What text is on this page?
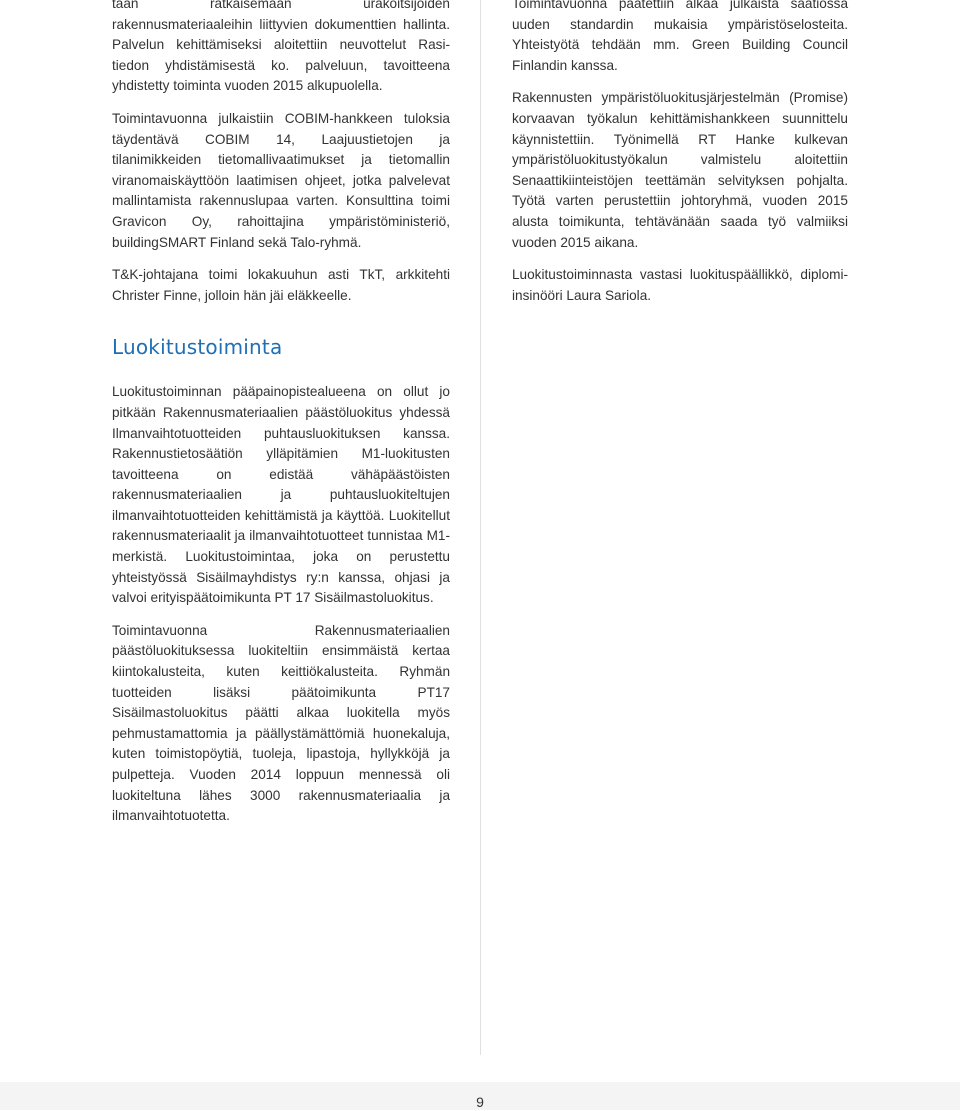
tään ratkaisemaan urakoitsijoiden rakennusmateriaaleihin liittyvien dokumenttien hallinta. Palvelun kehittämiseksi aloitettiin neuvottelut Rasi-tiedon yhdistämisestä ko. palveluun, tavoitteena yhdistetty toiminta vuoden 2015 alkupuolella.

Toimintavuonna julkaistiin COBIM-hankkeen tuloksia täydentävä COBIM 14, Laajuustietojen ja tilanimikkeiden tietomallivaatimukset ja tietomallin viranomaiskäyttöön laatimisen ohjeet, jotka palvelevat mallintamista rakennuslupaa varten. Konsulttina toimi Gravicon Oy, rahoittajina ympäristöministeriö, buildingSMART Finland sekä Talo-ryhmä.

T&K-johtajana toimi lokakuuhun asti TkT, arkkitehti Christer Finne, jolloin hän jäi eläkkeelle.

Luokitustoiminta

Luokitustoiminnan pääpainopistealueena on ollut jo pitkään Rakennusmateriaalien päästöluokitus yhdessä Ilmanvaihtotuotteiden puhtausluokituksen kanssa. Rakennustietosäätiön ylläpitämien M1-luokitusten tavoitteena on edistää vähäpäästöisten rakennusmateriaalien ja puhtausluokiteltujen ilmanvaihtotuotteiden kehittämistä ja käyttöä. Luokitellut rakennusmateriaalit ja ilmanvaihtotuotteet tunnistaa M1-merkistä. Luokitustoimintaa, joka on perustettu yhteistyössä Sisäilmayhdistys ry:n kanssa, ohjasi ja valvoi erityispäätoimikunta PT 17 Sisäilmastoluokitus.

Toimintavuonna Rakennusmateriaalien päästöluokituksessa luokiteltiin ensimmäistä kertaa kiintokalusteita, kuten keittiökalusteita. Ryhmän tuotteiden lisäksi päätoimikunta PT17 Sisäilmastoluokitus päätti alkaa luokitella myös pehmustamattomia ja päällystämättömiä huonekaluja, kuten toimistopöytiä, tuoleja, lipastoja, hyllykköjä ja pulpetteja. Vuoden 2014 loppuun mennessä oli luokiteltuna lähes 3000 rakennusmateriaalia ja ilmanvaihtotuotetta.

Toimintavuonna päätettiin alkaa julkaista säätiössä uuden standardin mukaisia ympäristöselosteita. Yhteistyötä tehdään mm. Green Building Council Finlandin kanssa.

Rakennusten ympäristöluokitusjärjestelmän (Promise) korvaavan työkalun kehittämishankkeen suunnittelu käynnistettiin. Työnimellä RT Hanke kulkevan ympäristöluokitustyökalun valmistelu aloitettiin Senaattikiinteistöjen teettämän selvityksen pohjalta. Työtä varten perustettiin johtoryhmä, vuoden 2015 alusta toimikunta, tehtävänään saada työ valmiiksi vuoden 2015 aikana.

Luokitustoiminnasta vastasi luokituspäällikkö, diplomi-insinööri Laura Sariola.

9
